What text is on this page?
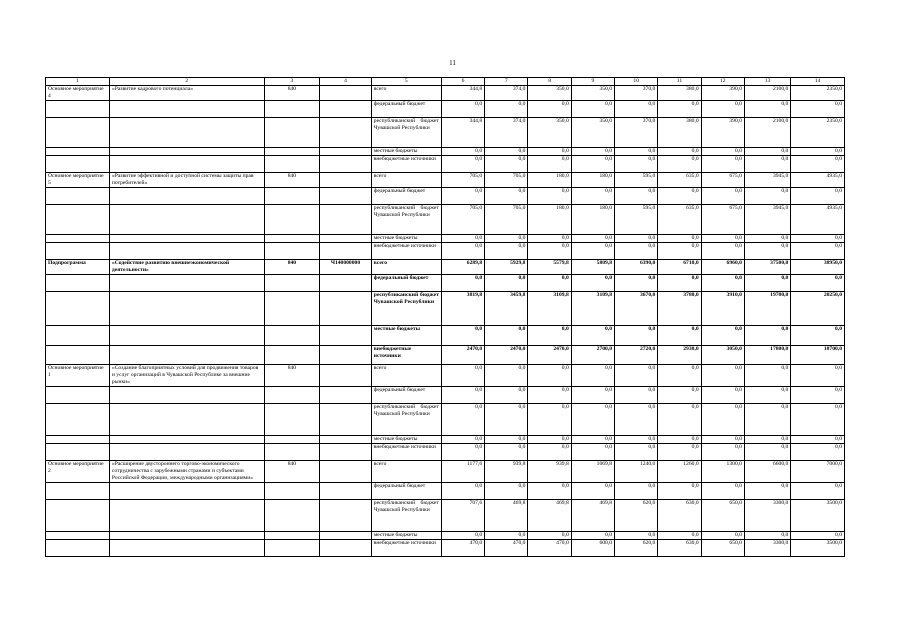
11
1	2	3	4	5	6	7	8	9	10	11	12	13	14
Основное мероприятие 4	«Развитие кадрового потенциала»	840		всего	344,8	374,0	350,0	350,0	370,0	380,0	390,0	2100,0	2350,0
				федеральный бюджет	0,0	0,0	0,0	0,0	0,0	0,0	0,0	0,0	0,0
				республиканский бюджет Чувашской Республики	344,8	374,0	350,0	350,0	370,0	380,0	390,0	2100,0	2350,0
				местные бюджеты	0,0	0,0	0,0	0,0	0,0	0,0	0,0	0,0	0,0
				внебюджетные источники	0,0	0,0	0,0	0,0	0,0	0,0	0,0	0,0	0,0
Основное мероприятие 5	«Развитие эффективной и доступной системы защиты прав потребителей»	840		всего	705,0	705,0	180,0	180,0	595,0	635,0	675,0	3945,0	4935,0
				федеральный бюджет	0,0	0,0	0,0	0,0	0,0	0,0	0,0	0,0	0,0
				республиканский бюджет Чувашской Республики	705,0	705,0	180,0	180,0	595,0	635,0	675,0	3945,0	4935,0
				местные бюджеты	0,0	0,0	0,0	0,0	0,0	0,0	0,0	0,0	0,0
				внебюджетные источники	0,0	0,0	0,0	0,0	0,0	0,0	0,0	0,0	0,0
Подпрограмма	«Содействие развитию внешнеэкономической деятельности»	840	Ч140000000	всего	6289,8	5929,8	5579,8	5809,8	6390,0	6710,0	6960,0	37500,0	38950,0
				федеральный бюджет	0,0	0,0	0,0	0,0	0,0	0,0	0,0	0,0	0,0
				республиканский бюджет Чувашской Республики	3819,8	3459,8	3109,8	3109,8	3670,0	3780,0	3910,0	19700,0	20250,0
				местные бюджеты	0,0	0,0	0,0	0,0	0,0	0,0	0,0	0,0	0,0
				внебюджетные источники	2470,0	2470,0	2470,0	2700,0	2720,0	2930,0	3050,0	17800,0	18700,0
Основное мероприятие 1	«Создание благоприятных условий для продвижения товаров и услуг организаций в Чувашской Республике за внешние рынки»	840		всего	0,0	0,0	0,0	0,0	0,0	0,0	0,0	0,0	0,0
				федеральный бюджет	0,0	0,0	0,0	0,0	0,0	0,0	0,0	0,0	0,0
				республиканский бюджет Чувашской Республики	0,0	0,0	0,0	0,0	0,0	0,0	0,0	0,0	0,0
				местные бюджеты	0,0	0,0	0,0	0,0	0,0	0,0	0,0	0,0	0,0
				внебюджетные источники	0,0	0,0	0,0	0,0	0,0	0,0	0,0	0,0	0,0
Основное мероприятие 2	«Расширение двустороннего торгово-экономического сотрудничества с зарубежными странами и субъектами Российской Федерации, международными организациями»	840		всего	1177,6	939,8	939,8	1069,8	1240,0	1260,0	1300,0	6600,0	7000,0
				федеральный бюджет	0,0	0,0	0,0	0,0	0,0	0,0	0,0	0,0	0,0
				республиканский бюджет Чувашской Республики	707,6	469,8	469,8	469,8	620,0	630,0	650,0	3300,0	3500,0
				местные бюджеты	0,0	0,0	0,0	0,0	0,0	0,0	0,0	0,0	0,0
				внебюджетные источники	470,0	470,0	470,0	600,0	620,0	630,0	650,0	3300,0	3500,0
